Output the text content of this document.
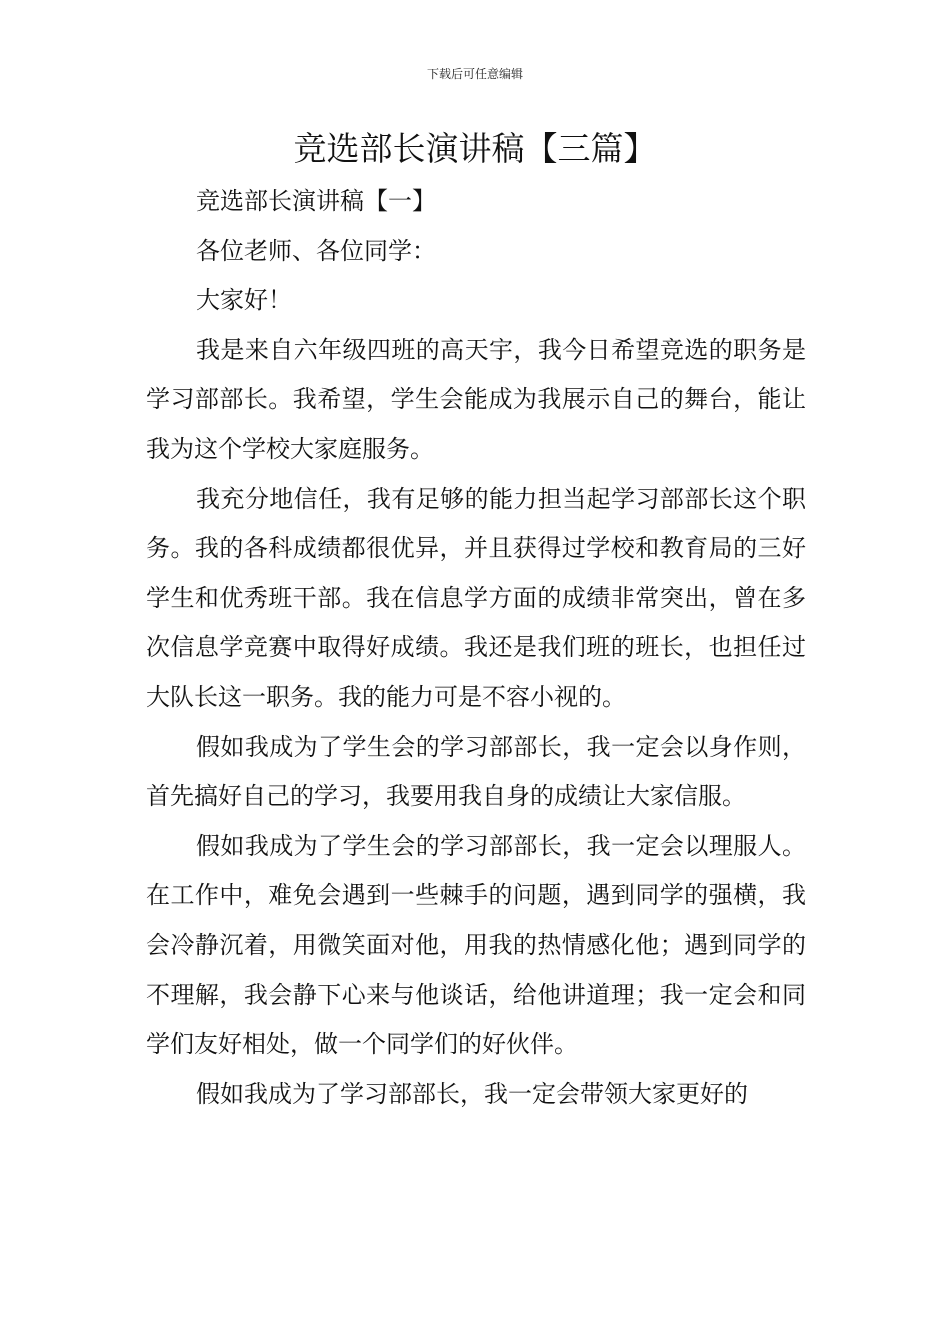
下载后可任意编辑
竞选部长演讲稿【三篇】

竞选部长演讲稿【一】

各位老师、各位同学：

大家好！

我是来自六年级四班的高天宇，我今日希望竞选的职务是学习部部长。我希望，学生会能成为我展示自己的舞台，能让我为这个学校大家庭服务。

我充分地信任，我有足够的能力担当起学习部部长这个职务。我的各科成绩都很优异，并且获得过学校和教育局的三好学生和优秀班干部。我在信息学方面的成绩非常突出，曾在多次信息学竞赛中取得好成绩。我还是我们班的班长，也担任过大队长这一职务。我的能力可是不容小视的。

假如我成为了学生会的学习部部长，我一定会以身作则，首先搞好自己的学习，我要用我自身的成绩让大家信服。

假如我成为了学生会的学习部部长，我一定会以理服人。在工作中，难免会遇到一些棘手的问题，遇到同学的强横，我会冷静沉着，用微笑面对他，用我的热情感化他；遇到同学的不理解，我会静下心来与他谈话，给他讲道理；我一定会和同学们友好相处，做一个同学们的好伙伴。

假如我成为了学习部部长，我一定会带领大家更好的
